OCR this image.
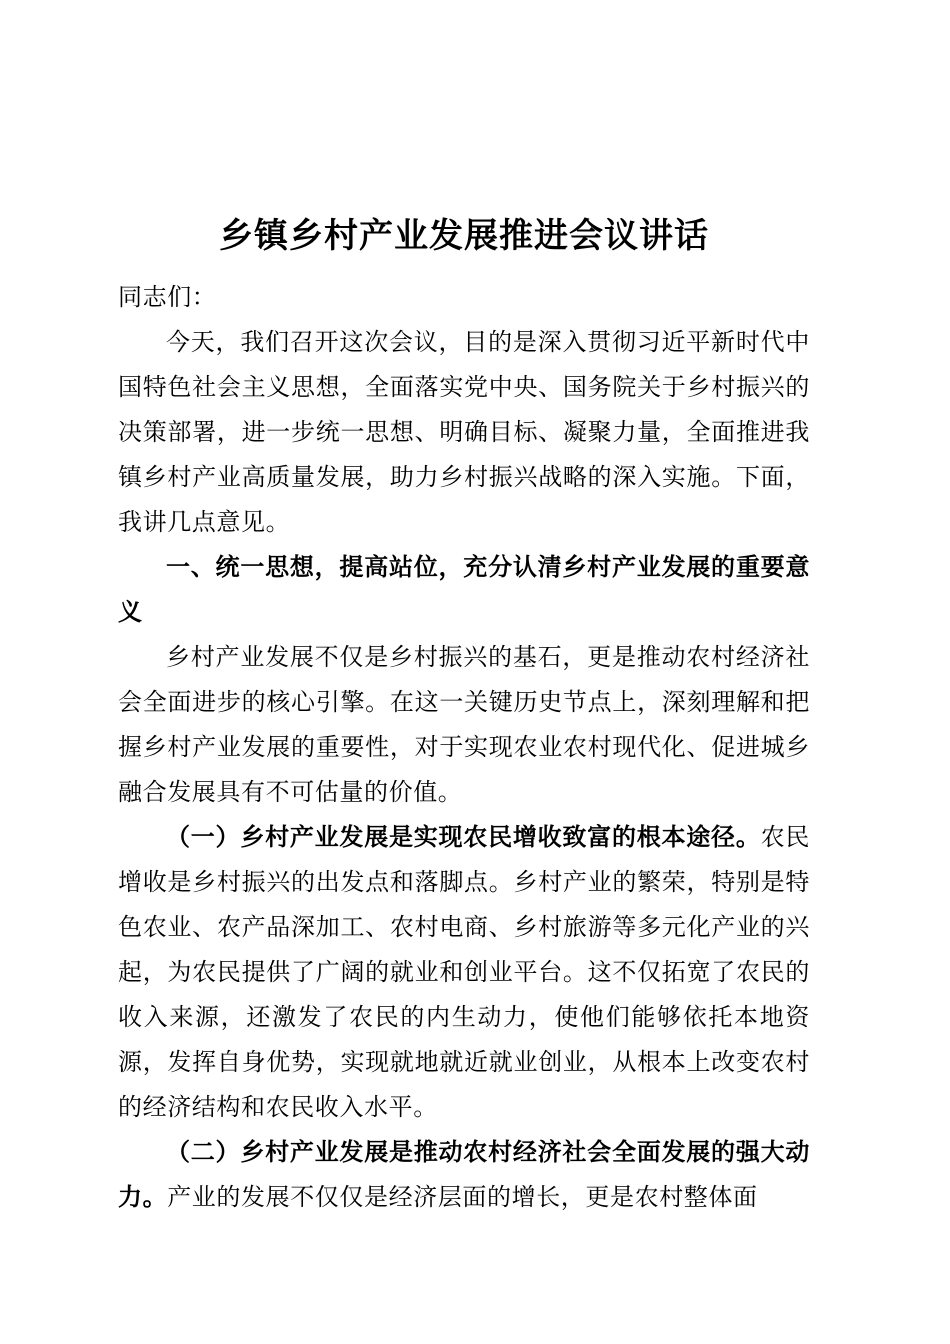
乡镇乡村产业发展推进会议讲话

同志们：

今天，我们召开这次会议，目的是深入贯彻习近平新时代中国特色社会主义思想，全面落实党中央、国务院关于乡村振兴的决策部署，进一步统一思想、明确目标、凝聚力量，全面推进我镇乡村产业高质量发展，助力乡村振兴战略的深入实施。下面，我讲几点意见。

一、统一思想，提高站位，充分认清乡村产业发展的重要意义

乡村产业发展不仅是乡村振兴的基石，更是推动农村经济社会全面进步的核心引擎。在这一关键历史节点上，深刻理解和把握乡村产业发展的重要性，对于实现农业农村现代化、促进城乡融合发展具有不可估量的价值。

（一）乡村产业发展是实现农民增收致富的根本途径。农民增收是乡村振兴的出发点和落脚点。乡村产业的繁荣，特别是特色农业、农产品深加工、农村电商、乡村旅游等多元化产业的兴起，为农民提供了广阔的就业和创业平台。这不仅拓宽了农民的收入来源，还激发了农民的内生动力，使他们能够依托本地资源，发挥自身优势，实现就地就近就业创业，从根本上改变农村的经济结构和农民收入水平。

（二）乡村产业发展是推动农村经济社会全面发展的强大动力。产业的发展不仅仅是经济层面的增长，更是农村整体面
